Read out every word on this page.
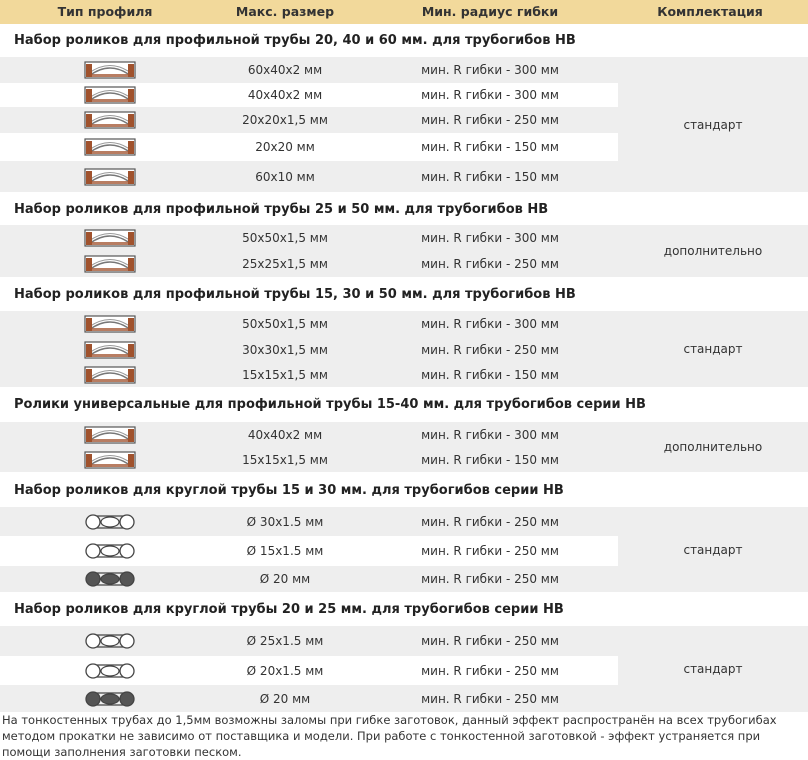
Тип профиля	Макс. размер	Мин. радиус гибки	Комплектация
Набор роликов для профильной трубы 20, 40 и 60 мм. для трубогибов НВ
60x40x2 мм	мин. R гибки - 300 мм
40x40x2 мм	мин. R гибки - 300 мм
20x20x1,5 мм	мин. R гибки - 250 мм
20x20 мм	мин. R гибки - 150 мм
60x10 мм	мин. R гибки - 150 мм
стандарт
Набор роликов для профильной трубы 25 и 50 мм. для трубогибов НВ
50x50x1,5 мм	мин. R гибки - 300 мм
25x25x1,5 мм	мин. R гибки - 250 мм
дополнительно
Набор роликов для профильной трубы 15, 30 и 50 мм. для трубогибов НВ
50x50x1,5 мм	мин. R гибки - 300 мм
30x30x1,5 мм	мин. R гибки - 250 мм
15x15x1,5 мм	мин. R гибки - 150 мм
стандарт
Ролики универсальные для профильной трубы 15-40 мм. для трубогибов серии НВ
40x40x2 мм	мин. R гибки - 300 мм
15x15x1,5 мм	мин. R гибки - 150 мм
дополнительно
Набор роликов для круглой трубы 15 и 30 мм. для трубогибов серии НВ
Ø 30x1.5 мм	мин. R гибки - 250 мм
Ø 15x1.5 мм	мин. R гибки - 250 мм
Ø 20 мм	мин. R гибки - 250 мм
стандарт
Набор роликов для круглой трубы 20 и 25 мм. для трубогибов серии НВ
Ø 25x1.5 мм	мин. R гибки - 250 мм
Ø 20x1.5 мм	мин. R гибки - 250 мм
Ø 20 мм	мин. R гибки - 250 мм
стандарт
На тонкостенных трубах до 1,5мм возможны заломы при гибке заготовок, данный эффект распространён на всех трубогибах методом прокатки не зависимо от поставщика и модели. При работе с тонкостенной заготовкой - эффект устраняется при помощи заполнения заготовки песком.
